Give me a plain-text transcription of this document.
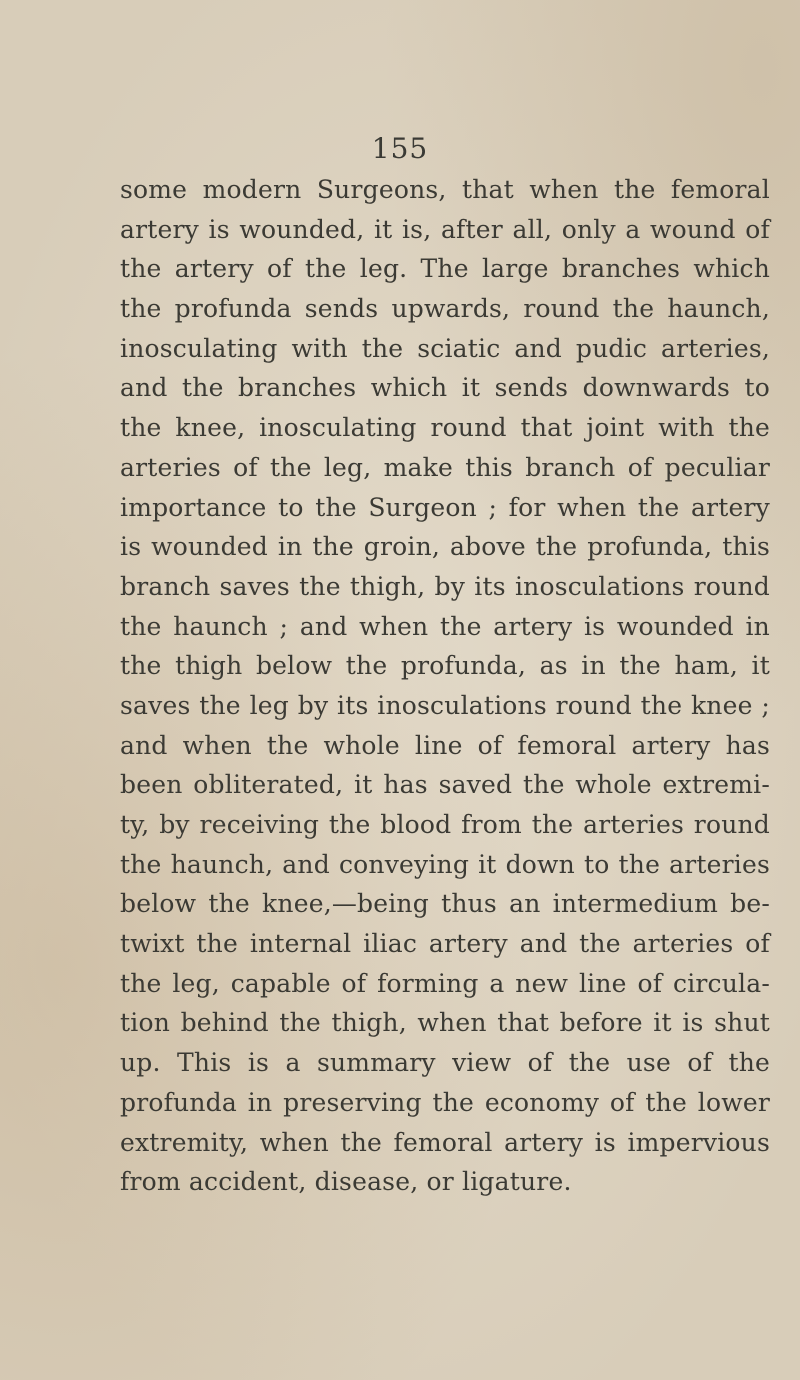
155
some modern Surgeons, that when the femoral
artery is wounded, it is, after all, only a wound of
the artery of the leg. The large branches which
the profunda sends upwards, round the haunch,
inosculating with the sciatic and pudic arteries,
and the branches which it sends downwards to
the knee, inosculating round that joint with the
arteries of the leg, make this branch of peculiar
importance to the Surgeon ; for when the artery
is wounded in the groin, above the profunda, this
branch saves the thigh, by its inosculations round
the haunch ; and when the artery is wounded in
the thigh below the profunda, as in the ham, it
saves the leg by its inosculations round the knee ;
and when the whole line of femoral artery has
been obliterated, it has saved the whole extremi-
ty, by receiving the blood from the arteries round
the haunch, and conveying it down to the arteries
below the knee,—being thus an intermedium be-
twixt the internal iliac artery and the arteries of
the leg, capable of forming a new line of circula-
tion behind the thigh, when that before it is shut
up. This is a summary view of the use of the
profunda in preserving the economy of the lower
extremity, when the femoral artery is impervious
from accident, disease, or ligature.
